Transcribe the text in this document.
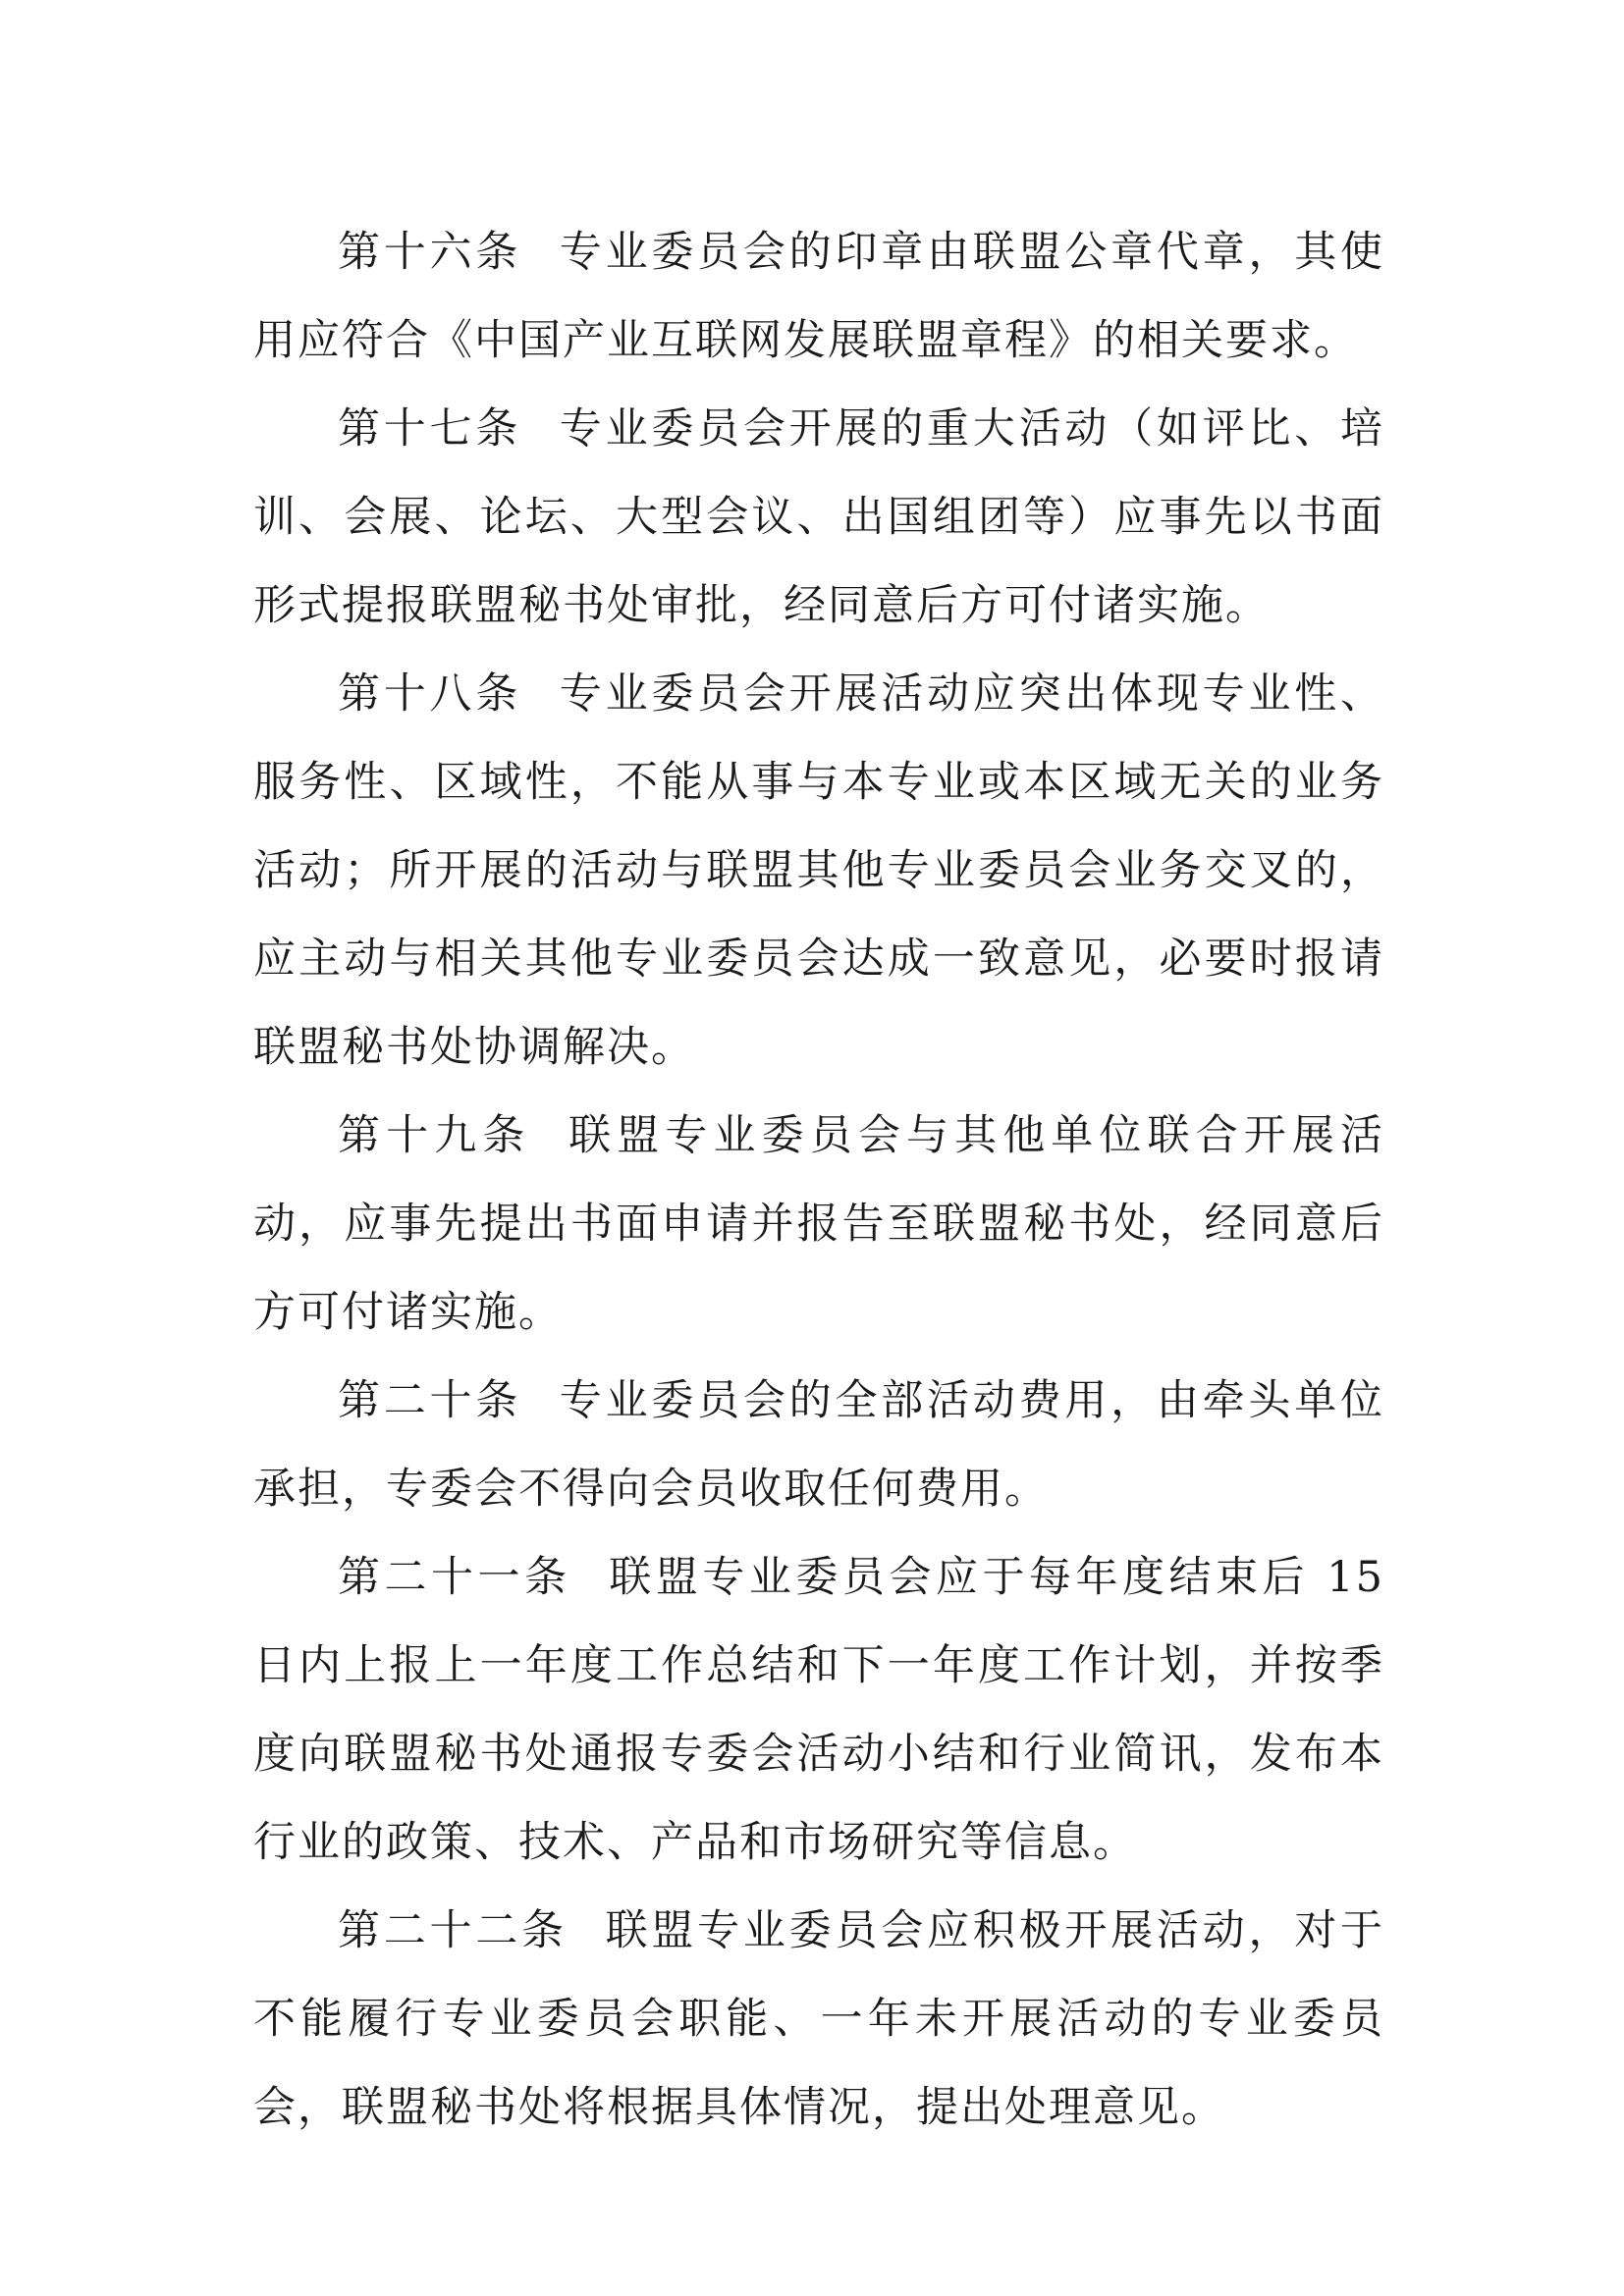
第十六条 专业委员会的印章由联盟公章代章，其使用应符合《中国产业互联网发展联盟章程》的相关要求。

第十七条 专业委员会开展的重大活动（如评比、培训、会展、论坛、大型会议、出国组团等）应事先以书面形式提报联盟秘书处审批，经同意后方可付诸实施。

第十八条 专业委员会开展活动应突出体现专业性、服务性、区域性，不能从事与本专业或本区域无关的业务活动；所开展的活动与联盟其他专业委员会业务交叉的，应主动与相关其他专业委员会达成一致意见，必要时报请联盟秘书处协调解决。

第十九条 联盟专业委员会与其他单位联合开展活动，应事先提出书面申请并报告至联盟秘书处，经同意后方可付诸实施。

第二十条 专业委员会的全部活动费用，由牵头单位承担，专委会不得向会员收取任何费用。

第二十一条 联盟专业委员会应于每年度结束后 15 日内上报上一年度工作总结和下一年度工作计划，并按季度向联盟秘书处通报专委会活动小结和行业简讯，发布本行业的政策、技术、产品和市场研究等信息。

第二十二条 联盟专业委员会应积极开展活动，对于不能履行专业委员会职能、一年未开展活动的专业委员会，联盟秘书处将根据具体情况，提出处理意见。
